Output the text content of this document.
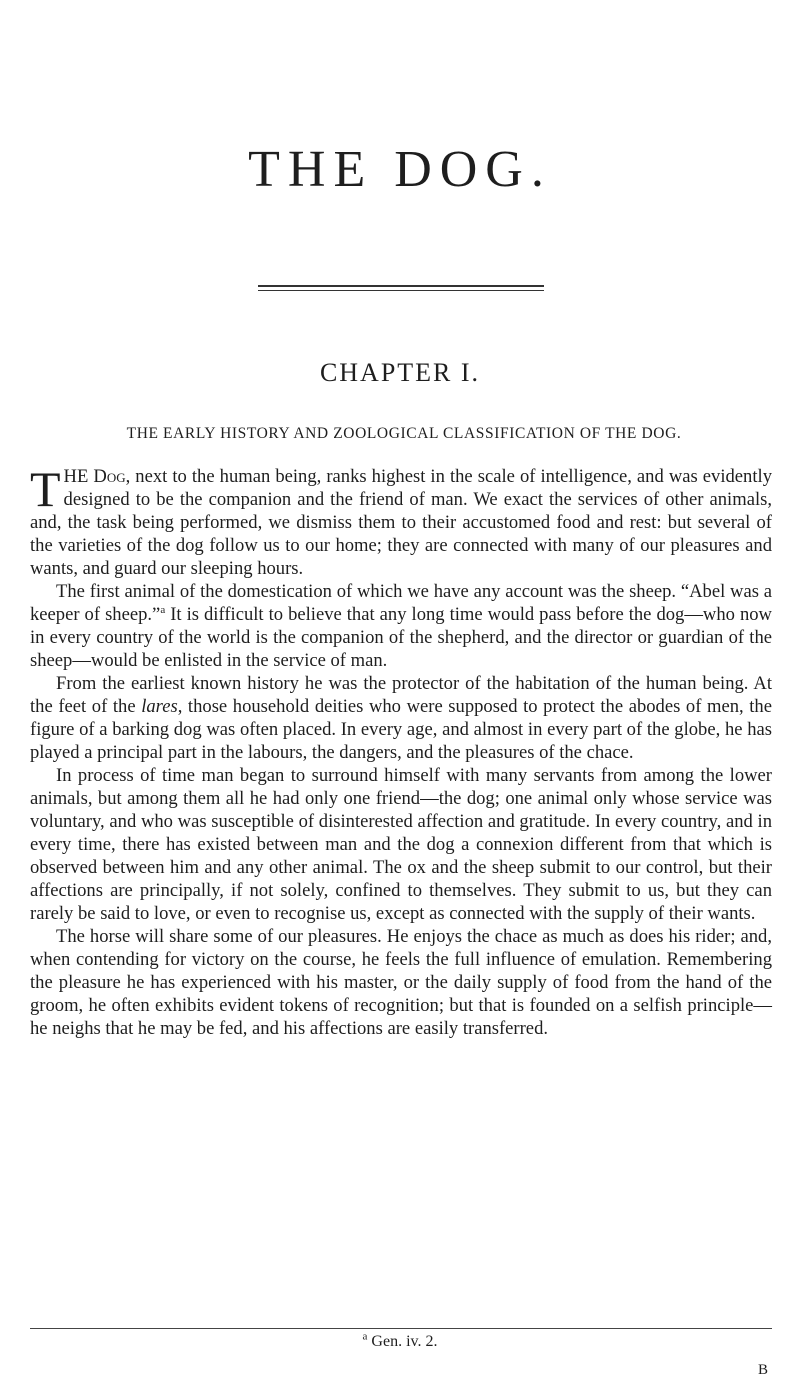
THE DOG.
CHAPTER I.
THE EARLY HISTORY AND ZOOLOGICAL CLASSIFICATION OF THE DOG.

THE Dog, next to the human being, ranks highest in the scale of intelligence, and was evidently designed to be the companion and the friend of man. We exact the services of other animals, and, the task being performed, we dismiss them to their accustomed food and rest: but several of the varieties of the dog follow us to our home; they are connected with many of our pleasures and wants, and guard our sleeping hours.

The first animal of the domestication of which we have any account was the sheep. “Abel was a keeper of sheep.”$^a$ It is difficult to believe that any long time would pass before the dog—who now in every country of the world is the companion of the shepherd, and the director or guardian of the sheep—would be enlisted in the service of man.

From the earliest known history he was the protector of the habitation of the human being. At the feet of the lares, those household deities who were supposed to protect the abodes of men, the figure of a barking dog was often placed. In every age, and almost in every part of the globe, he has played a principal part in the labours, the dangers, and the pleasures of the chace.

In process of time man began to surround himself with many servants from among the lower animals, but among them all he had only one friend—the dog; one animal only whose service was voluntary, and who was susceptible of disinterested affection and gratitude. In every country, and in every time, there has existed between man and the dog a connexion different from that which is observed between him and any other animal. The ox and the sheep submit to our control, but their affections are principally, if not solely, confined to themselves. They submit to us, but they can rarely be said to love, or even to recognise us, except as connected with the supply of their wants.

The horse will share some of our pleasures. He enjoys the chace as much as does his rider; and, when contending for victory on the course, he feels the full influence of emulation. Remembering the pleasure he has experienced with his master, or the daily supply of food from the hand of the groom, he often exhibits evident tokens of recognition; but that is founded on a selfish principle—he neighs that he may be fed, and his affections are easily transferred.

$^a$ Gen. iv. 2.
B
